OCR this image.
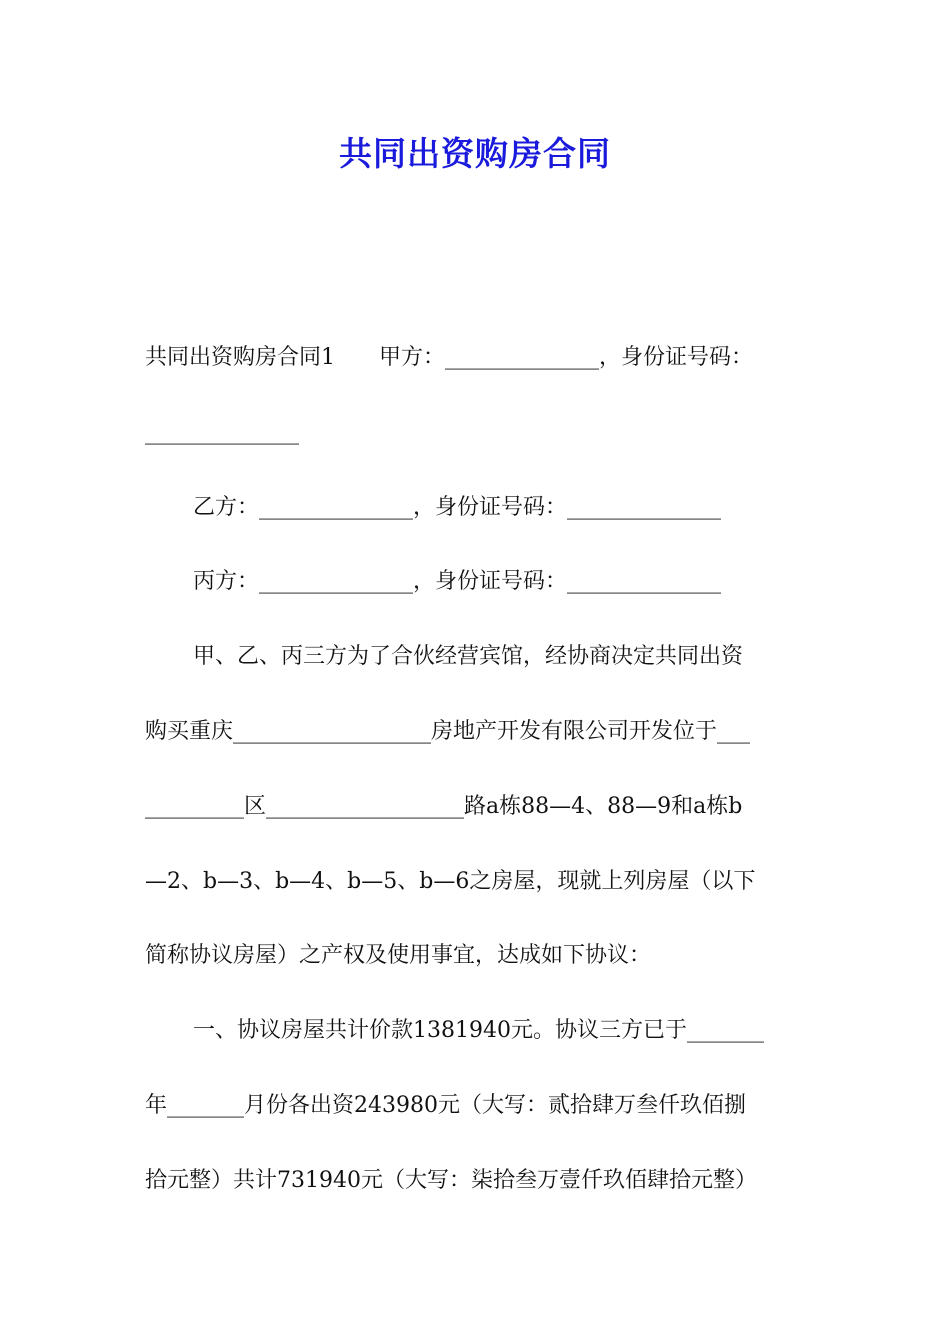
共同出资购房合同
共同出资购房合同1　　甲方：______________，身份证号码：
______________
乙方：______________，身份证号码：______________
丙方：______________，身份证号码：______________
甲、乙、丙三方为了合伙经营宾馆，经协商决定共同出资
购买重庆__________________房地产开发有限公司开发位于___
_________区__________________路a栋88—4、88—9和a栋b
—2、b—3、b—4、b—5、b—6之房屋，现就上列房屋（以下
简称协议房屋）之产权及使用事宜，达成如下协议：
一、协议房屋共计价款1381940元。协议三方已于_______
年_______月份各出资243980元（大写：贰拾肆万叁仟玖佰捌
拾元整）共计731940元（大写：柒拾叁万壹仟玖佰肆拾元整）
